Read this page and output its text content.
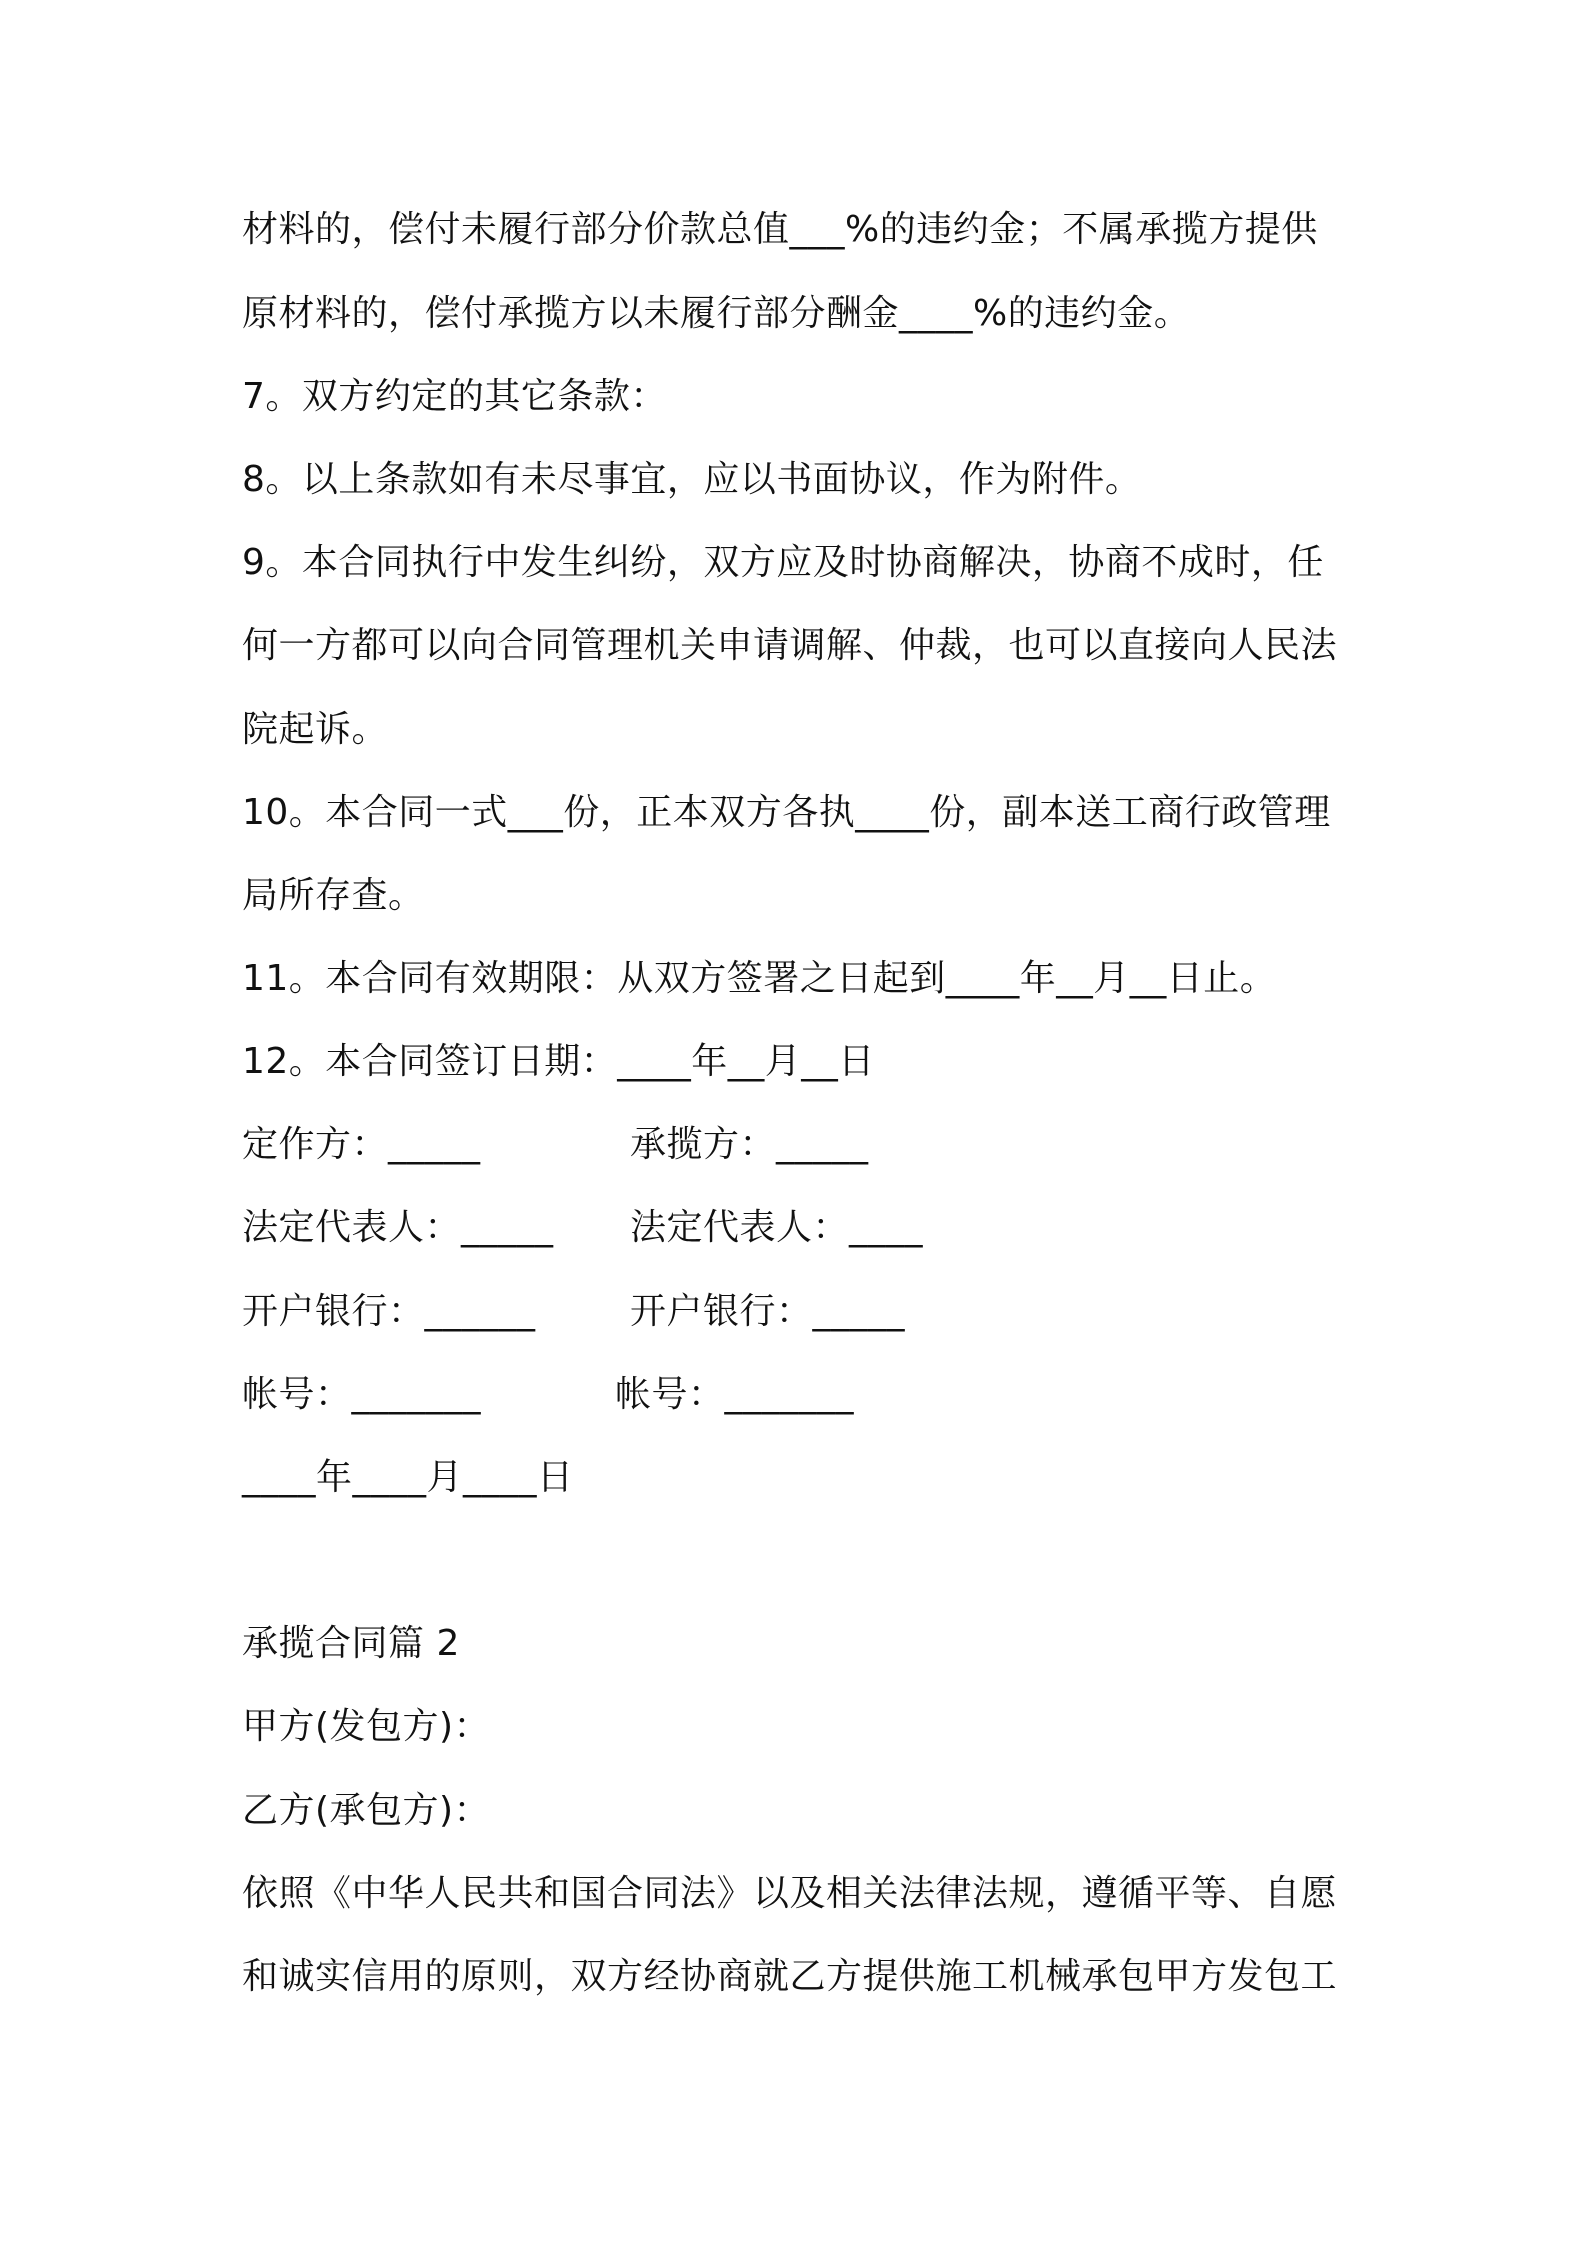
材料的，偿付未履行部分价款总值___%的违约金；不属承揽方提供
原材料的，偿付承揽方以未履行部分酬金____%的违约金。
7。双方约定的其它条款：
8。以上条款如有未尽事宜，应以书面协议，作为附件。
9。本合同执行中发生纠纷，双方应及时协商解决，协商不成时，任
何一方都可以向合同管理机关申请调解、仲裁，也可以直接向人民法
院起诉。
10。本合同一式___份，正本双方各执____份，副本送工商行政管理
局所存查。
11。本合同有效期限：从双方签署之日起到____年__月__日止。
12。本合同签订日期：____年__月__日
定作方：_____	承揽方：_____
法定代表人：_____ 法定代表人：____
开户银行：______	开户银行：_____
帐号：_______	帐号：_______
____年____月____日
承揽合同篇 2
甲方(发包方)：
乙方(承包方)：
依照《中华人民共和国合同法》以及相关法律法规，遵循平等、自愿
和诚实信用的原则，双方经协商就乙方提供施工机械承包甲方发包工
